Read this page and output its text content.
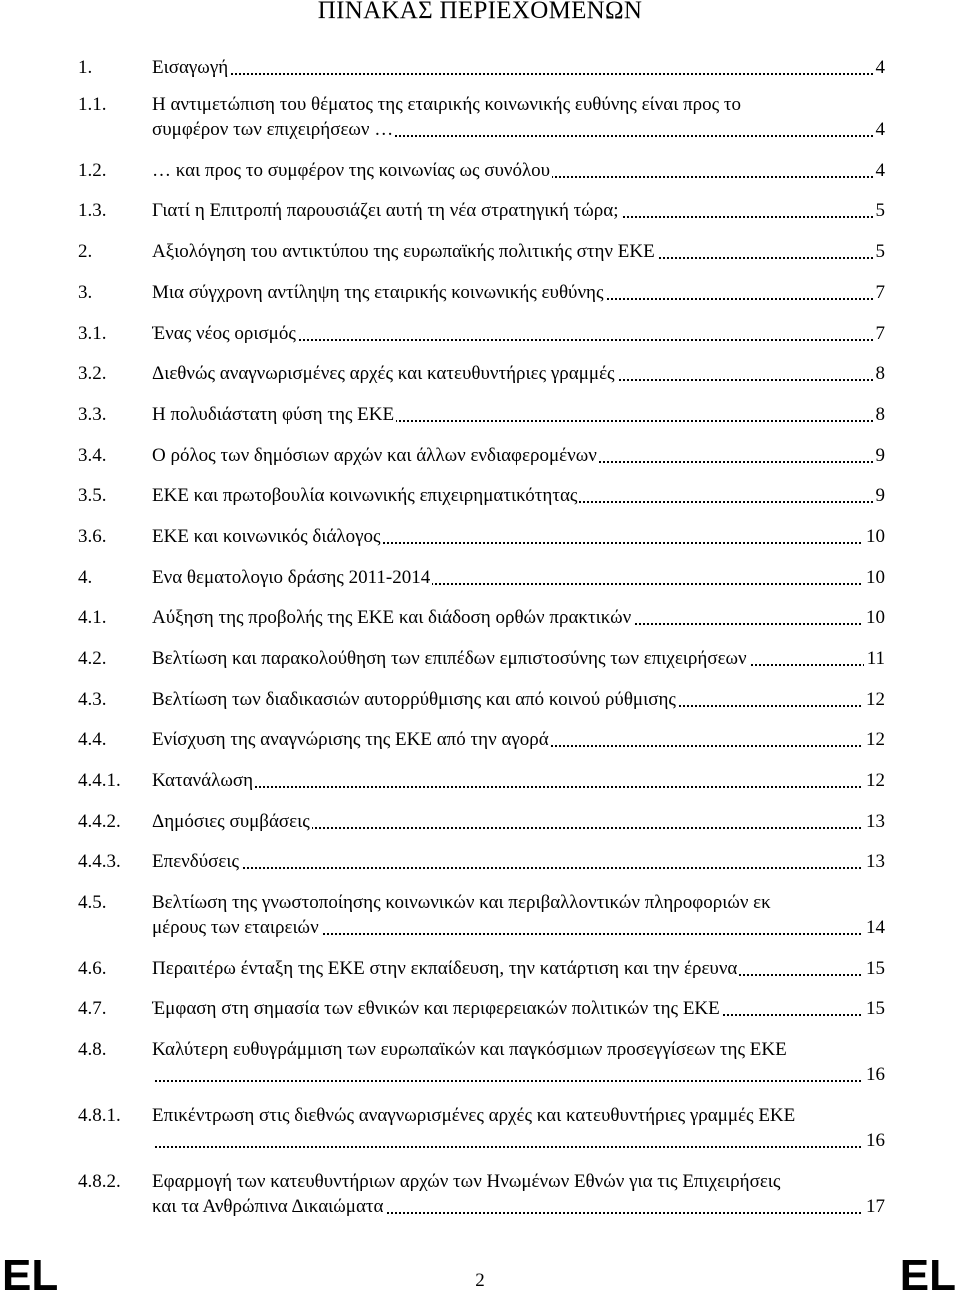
ΠΙΝΑΚΑΣ ΠΕΡΙΕΧΟΜΕΝΩΝ
1.	Εισαγωγή	4
1.1. Η αντιμετώπιση του θέματος της εταιρικής κοινωνικής ευθύνης είναι προς το
συμφέρον των επιχειρήσεων …	4
1.2. … και προς το συμφέρον της κοινωνίας ως συνόλου	4
1.3. Γιατί η Επιτροπή παρουσιάζει αυτή τη νέα στρατηγική τώρα;	5
2.	Αξιολόγηση του αντικτύπου της ευρωπαϊκής πολιτικής στην ΕΚΕ	5
3.	Μια σύγχρονη αντίληψη της εταιρικής κοινωνικής ευθύνης	7
3.1. Ένας νέος ορισμός	7
3.2. Διεθνώς αναγνωρισμένες αρχές και κατευθυντήριες γραμμές	8
3.3. Η πολυδιάστατη φύση της ΕΚΕ	8
3.4. Ο ρόλος των δημόσιων αρχών και άλλων ενδιαφερομένων	9
3.5. ΕΚΕ και πρωτοβουλία κοινωνικής επιχειρηματικότητας	9
3.6. ΕΚΕ και κοινωνικός διάλογος	10
4.	Ενα θεματολογιο δράσης 2011-2014	10
4.1. Αύξηση της προβολής της ΕΚΕ και διάδοση ορθών πρακτικών	10
4.2. Βελτίωση και παρακολούθηση των επιπέδων εμπιστοσύνης των επιχειρήσεων	11
4.3. Βελτίωση των διαδικασιών αυτορρύθμισης και από κοινού ρύθμισης	12
4.4. Ενίσχυση της αναγνώρισης της ΕΚΕ από την αγορά	12
4.4.1. Κατανάλωση	12
4.4.2. Δημόσιες συμβάσεις	13
4.4.3. Επενδύσεις	13
4.5. Βελτίωση της γνωστοποίησης κοινωνικών και περιβαλλοντικών πληροφοριών εκ
μέρους των εταιρειών	14
4.6. Περαιτέρω ένταξη της ΕΚΕ στην εκπαίδευση, την κατάρτιση και την έρευνα	15
4.7. Έμφαση στη σημασία των εθνικών και περιφερειακών πολιτικών της ΕΚΕ	15
4.8. Καλύτερη ευθυγράμμιση των ευρωπαϊκών και παγκόσμιων προσεγγίσεων της ΕΚΕ
16
4.8.1. Επικέντρωση στις διεθνώς αναγνωρισμένες αρχές και κατευθυντήριες γραμμές ΕΚΕ
16
4.8.2. Εφαρμογή των κατευθυντήριων αρχών των Ηνωμένων Εθνών για τις Επιχειρήσεις
και τα Ανθρώπινα Δικαιώματα	17
EL	2	EL
